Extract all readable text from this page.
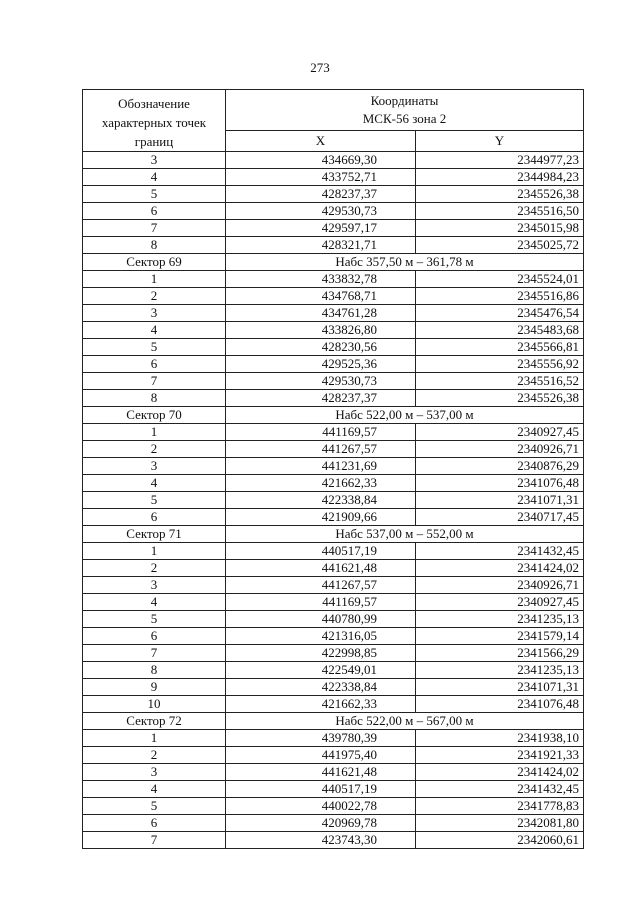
273
Обозначение характерных точек границ	Координаты
МСК-56 зона 2	
	X	Y
3	434669,30	2344977,23
4	433752,71	2344984,23
5	428237,37	2345526,38
6	429530,73	2345516,50
7	429597,17	2345015,98
8	428321,71	2345025,72
Сектор 69	Набс 357,50 м – 361,78 м	
1	433832,78	2345524,01
2	434768,71	2345516,86
3	434761,28	2345476,54
4	433826,80	2345483,68
5	428230,56	2345566,81
6	429525,36	2345556,92
7	429530,73	2345516,52
8	428237,37	2345526,38
Сектор 70	Набс 522,00 м – 537,00 м	
1	441169,57	2340927,45
2	441267,57	2340926,71
3	441231,69	2340876,29
4	421662,33	2341076,48
5	422338,84	2341071,31
6	421909,66	2340717,45
Сектор 71	Набс 537,00 м – 552,00 м	
1	440517,19	2341432,45
2	441621,48	2341424,02
3	441267,57	2340926,71
4	441169,57	2340927,45
5	440780,99	2341235,13
6	421316,05	2341579,14
7	422998,85	2341566,29
8	422549,01	2341235,13
9	422338,84	2341071,31
10	421662,33	2341076,48
Сектор 72	Набс 522,00 м – 567,00 м	
1	439780,39	2341938,10
2	441975,40	2341921,33
3	441621,48	2341424,02
4	440517,19	2341432,45
5	440022,78	2341778,83
6	420969,78	2342081,80
7	423743,30	2342060,61
